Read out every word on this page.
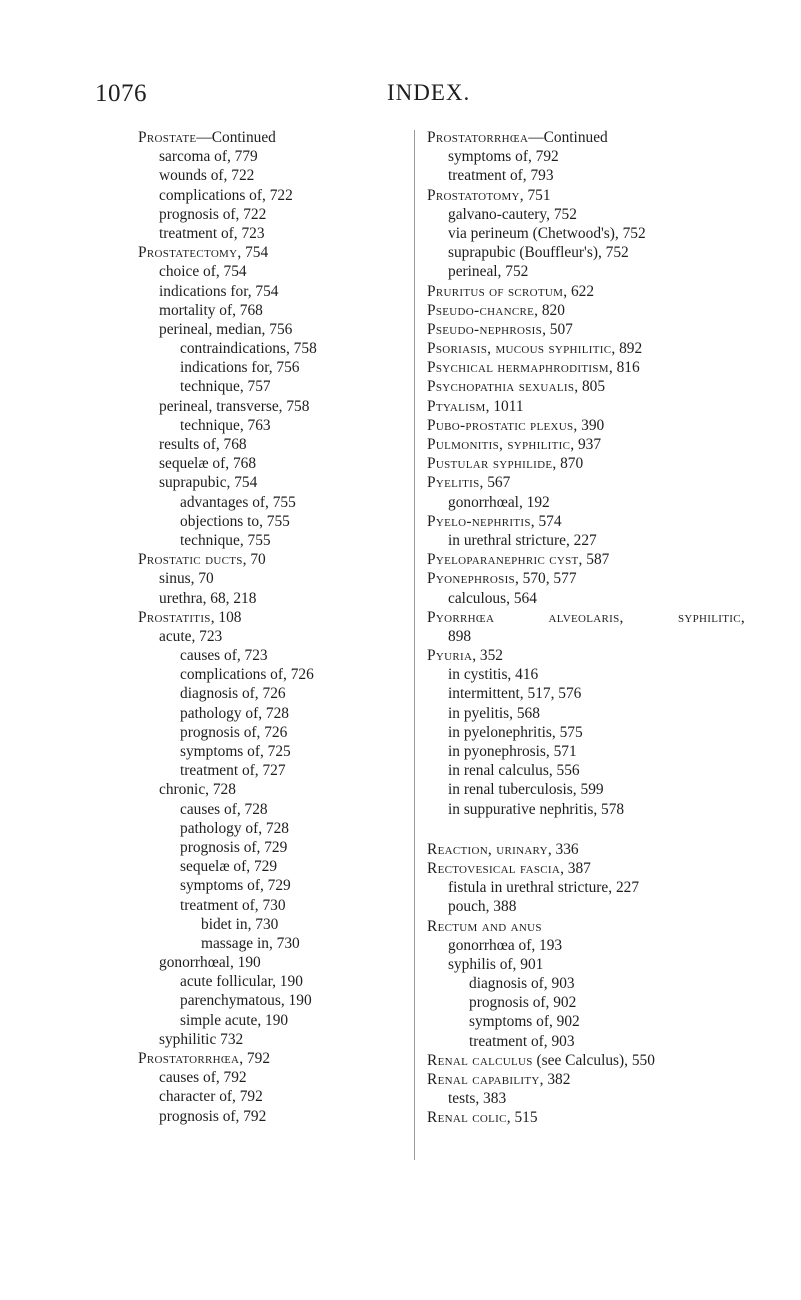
1076	INDEX.
Prostate—Continued
sarcoma of, 779
wounds of, 722
complications of, 722
prognosis of, 722
treatment of, 723
Prostatectomy, 754
choice of, 754
indications for, 754
mortality of, 768
perineal, median, 756
contraindications, 758
indications for, 756
technique, 757
perineal, transverse, 758
technique, 763
results of, 768
sequelæ of, 768
suprapubic, 754
advantages of, 755
objections to, 755
technique, 755
Prostatic ducts, 70
sinus, 70
urethra, 68, 218
Prostatitis, 108
acute, 723
causes of, 723
complications of, 726
diagnosis of, 726
pathology of, 728
prognosis of, 726
symptoms of, 725
treatment of, 727
chronic, 728
causes of, 728
pathology of, 728
prognosis of, 729
sequelæ of, 729
symptoms of, 729
treatment of, 730
bidet in, 730
massage in, 730
gonorrhœal, 190
acute follicular, 190
parenchymatous, 190
simple acute, 190
syphilitic 732
Prostatorrhœa, 792
causes of, 792
character of, 792
prognosis of, 792
Prostatorrhœa—Continued
symptoms of, 792
treatment of, 793
Prostatotomy, 751
galvano-cautery, 752
via perineum (Chetwood's), 752
suprapubic (Bouffleur's), 752
perineal, 752
Pruritus of scrotum, 622
Pseudo-chancre, 820
Pseudo-nephrosis, 507
Psoriasis, mucous syphilitic, 892
Psychical hermaphroditism, 816
Psychopathia sexualis, 805
Ptyalism, 1011
Pubo-prostatic plexus, 390
Pulmonitis, syphilitic, 937
Pustular syphilide, 870
Pyelitis, 567
gonorrhœal, 192
Pyelo-nephritis, 574
in urethral stricture, 227
Pyeloparanephric cyst, 587
Pyonephrosis, 570, 577
calculous, 564
Pyorrhœa	alveolaris,	syphilitic,
898
Pyuria, 352
in cystitis, 416
intermittent, 517, 576
in pyelitis, 568
in pyelonephritis, 575
in pyonephrosis, 571
in renal calculus, 556
in renal tuberculosis, 599
in suppurative nephritis, 578
Reaction, urinary, 336
Rectovesical fascia, 387
fistula in urethral stricture, 227
pouch, 388
Rectum and anus
gonorrhœa of, 193
syphilis of, 901
diagnosis of, 903
prognosis of, 902
symptoms of, 902
treatment of, 903
Renal calculus (see Calculus), 550
Renal capability, 382
tests, 383
Renal colic, 515
